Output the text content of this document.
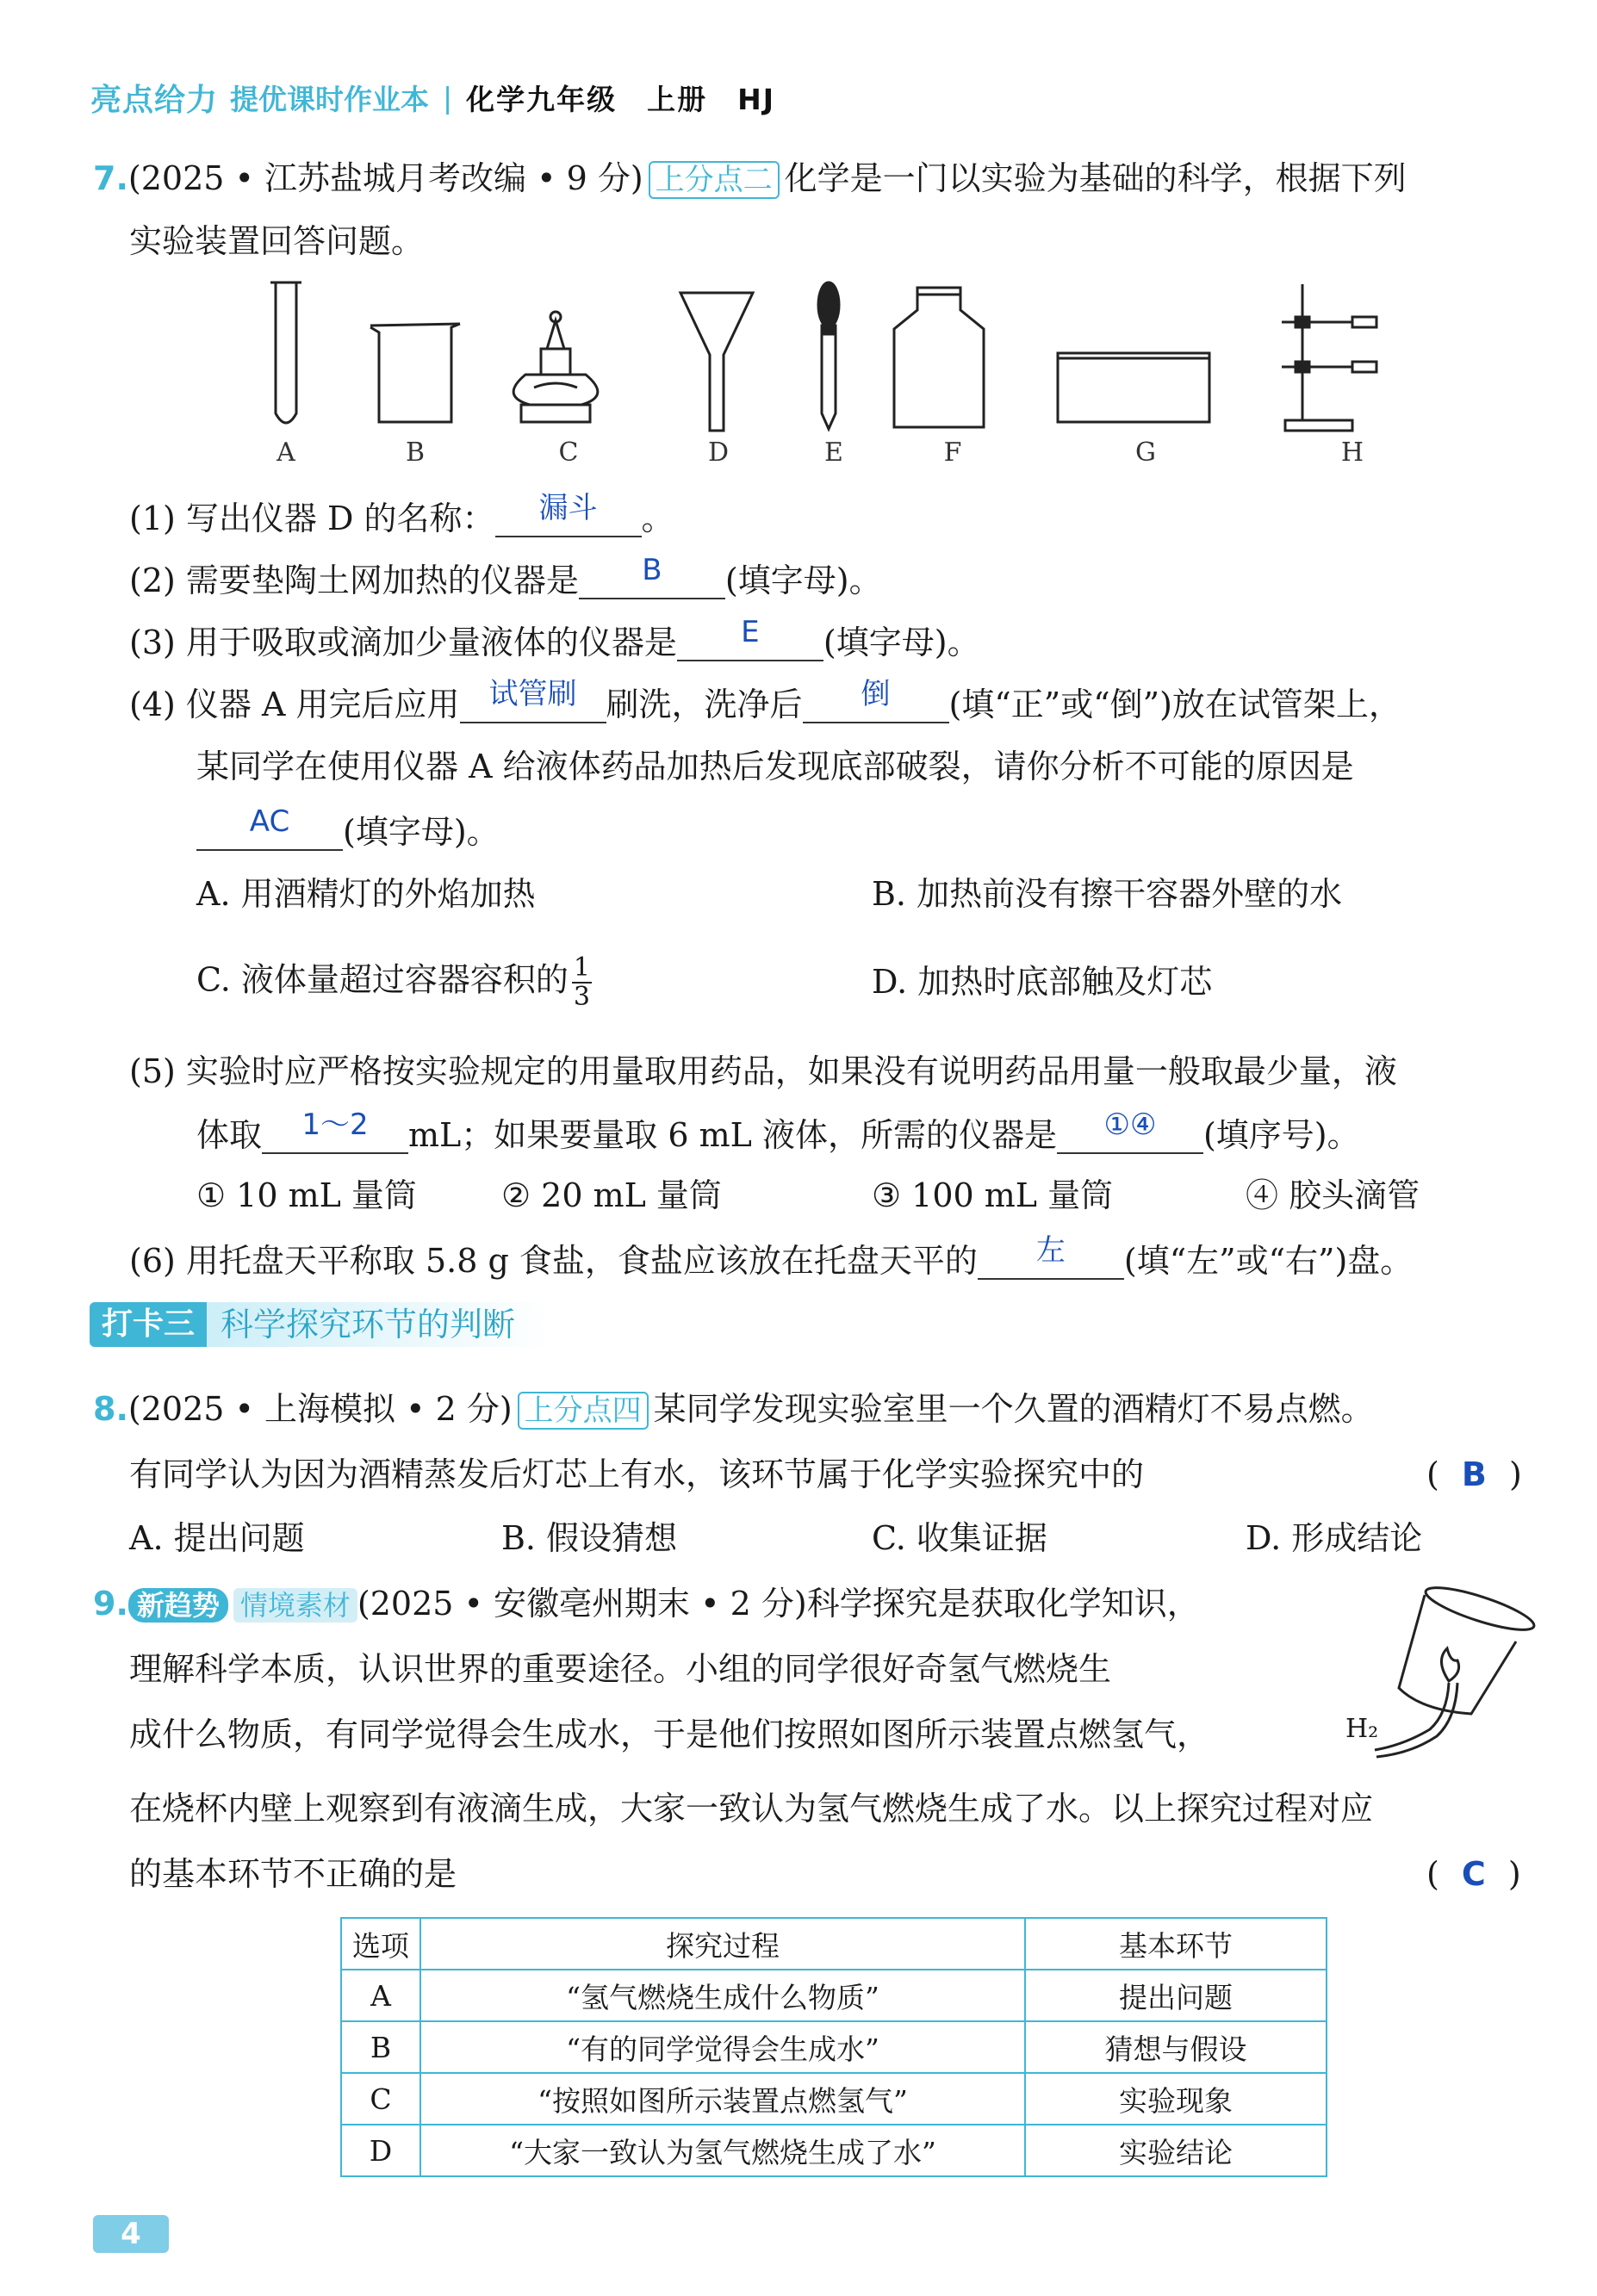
亮点给力 提优课时作业本 | 化学九年级　上册　HJ
7.(2025 • 江苏盐城月考改编 • 9 分) 上分点二 化学是一门以实验为基础的科学，根据下列
实验装置回答问题。
A	B	C	D	E	F	G	H
(1) 写出仪器 D 的名称： 漏斗 。
(2) 需要垫陶土网加热的仪器是 B (填字母)。
(3) 用于吸取或滴加少量液体的仪器是 E (填字母)。
(4) 仪器 A 用完后应用 试管刷 刷洗，洗净后 倒 (填“正”或“倒”)放在试管架上，
某同学在使用仪器 A 给液体药品加热后发现底部破裂，请你分析不可能的原因是
AC (填字母)。
A. 用酒精灯的外焰加热	B. 加热前没有擦干容器外壁的水
C. 液体量超过容器容积的 $\frac{1}{3}$	D. 加热时底部触及灯芯
(5) 实验时应严格按实验规定的用量取用药品，如果没有说明药品用量一般取最少量，液
体取 1～2 mL；如果要量取 6 mL 液体，所需的仪器是 ①④ (填序号)。
① 10 mL 量筒	② 20 mL 量筒	③ 100 mL 量筒	④ 胶头滴管
(6) 用托盘天平称取 5.8 g 食盐，食盐应该放在托盘天平的 左 (填“左”或“右”)盘。
打卡三 科学探究环节的判断
8.(2025 • 上海模拟 • 2 分) 上分点四 某同学发现实验室里一个久置的酒精灯不易点燃。
有同学认为因为酒精蒸发后灯芯上有水，该环节属于化学实验探究中的	( B )
A. 提出问题	B. 假设猜想	C. 收集证据	D. 形成结论
9. 新趋势 情境素材 (2025 • 安徽亳州期末 • 2 分)科学探究是获取化学知识，
理解科学本质，认识世界的重要途径。小组的同学很好奇氢气燃烧生
成什么物质，有同学觉得会生成水，于是他们按照如图所示装置点燃氢气，
在烧杯内壁上观察到有液滴生成，大家一致认为氢气燃烧生成了水。以上探究过程对应
的基本环节不正确的是	( C )
H₂
选项	探究过程	基本环节
A	“氢气燃烧生成什么物质”	提出问题
B	“有的同学觉得会生成水”	猜想与假设
C	“按照如图所示装置点燃氢气”	实验现象
D	“大家一致认为氢气燃烧生成了水”	实验结论
4
